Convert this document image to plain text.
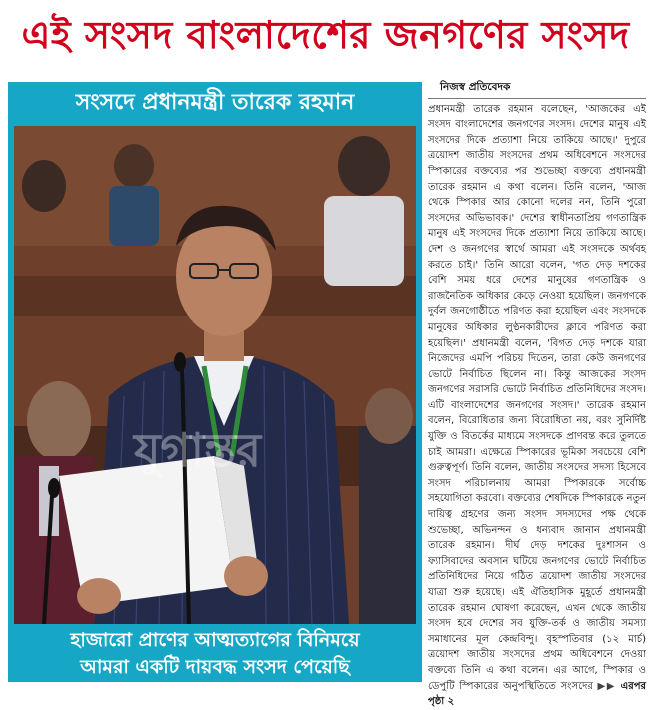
এই সংসদ বাংলাদেশের জনগণের সংসদ
সংসদে প্রধানমন্ত্রী তারেক রহমান
যুগান্তর
হাজারো প্রাণের আত্মত্যাগের বিনিময়ে
আমরা একটি দায়বদ্ধ সংসদ পেয়েছি
নিজস্ব প্রতিবেদক

প্রধানমন্ত্রী তারেক রহমান বলেছেন, 'আজকের এই সংসদ বাংলাদেশের জনগণের সংসদ। দেশের মানুষ এই সংসদের দিকে প্রত্যাশা নিয়ে তাকিয়ে আছে।' দুপুরে ত্রয়োদশ জাতীয় সংসদের প্রথম অধিবেশনে সংসদের স্পিকারের বক্তব্যের পর শুভেচ্ছা বক্তব্যে প্রধানমন্ত্রী তারেক রহমান এ কথা বলেন। তিনি বলেন, 'আজ থেকে স্পিকার আর কোনো দলের নন, তিনি পুরো সংসদের অভিভাবক।' দেশের স্বাধীনতাপ্রিয় গণতান্ত্রিক মানুষ এই সংসদের দিকে প্রত্যাশা নিয়ে তাকিয়ে আছে। দেশ ও জনগণের স্বার্থে আমরা এই সংসদকে অর্থবহ করতে চাই।' তিনি আরো বলেন, 'গত দেড় দশকের বেশি সময় ধরে দেশের মানুষের গণতান্ত্রিক ও রাজনৈতিক অধিকার কেড়ে নেওয়া হয়েছিল। জনগণকে দুর্বল জনগোষ্ঠীতে পরিণত করা হয়েছিল এবং সংসদকে মানুষের অধিকার লুণ্ঠনকারীদের ক্লাবে পরিণত করা হয়েছিল।' প্রধানমন্ত্রী বলেন, 'বিগত দেড় দশকে যারা নিজেদের এমপি পরিচয় দিতেন, তারা কেউ জনগণের ভোটে নির্বাচিত ছিলেন না। কিন্তু আজকের সংসদ জনগণের সরাসরি ভোটে নির্বাচিত প্রতিনিধিদের সংসদ। এটি বাংলাদেশের জনগণের সংসদ।' তারেক রহমান বলেন, বিরোধিতার জন্য বিরোধিতা নয়, বরং সুনির্দিষ্ট যুক্তি ও বিতর্কের মাধ্যমে সংসদকে প্রাণবন্ত করে তুলতে চাই আমরা। এক্ষেত্রে স্পিকারের ভূমিকা সবচেয়ে বেশি গুরুত্বপূর্ণ। তিনি বলেন, জাতীয় সংসদের সদস্য হিসেবে সংসদ পরিচালনায় আমরা স্পিকারকে সর্বোচ্চ সহযোগিতা করবো। বক্তব্যের শেষদিকে স্পিকারকে নতুন দায়িত্ব গ্রহণের জন্য সংসদ সদস্যদের পক্ষ থেকে শুভেচ্ছা, অভিনন্দন ও ধন্যবাদ জানান প্রধানমন্ত্রী তারেক রহমান। দীর্ঘ দেড় দশকের দুঃশাসন ও ফ্যাসিবাদের অবসান ঘটিয়ে জনগণের ভোটে নির্বাচিত প্রতিনিধিদের নিয়ে গঠিত ত্রয়োদশ জাতীয় সংসদের যাত্রা শুরু হয়েছে। এই ঐতিহাসিক মুহূর্তে প্রধানমন্ত্রী তারেক রহমান ঘোষণা করেছেন, এখন থেকে জাতীয় সংসদ হবে দেশের সব যুক্তি-তর্ক ও জাতীয় সমস্যা সমাধানের মূল কেন্দ্রবিন্দু। বৃহস্পতিবার (১২ মার্চ) ত্রয়োদশ জাতীয় সংসদের প্রথম অধিবেশনে দেওয়া বক্তব্যে তিনি এ কথা বলেন। এর আগে, স্পিকার ও ডেপুটি স্পিকারের অনুপস্থিতিতে সংসদের ▶▶ এরপর পৃষ্ঠা ২
